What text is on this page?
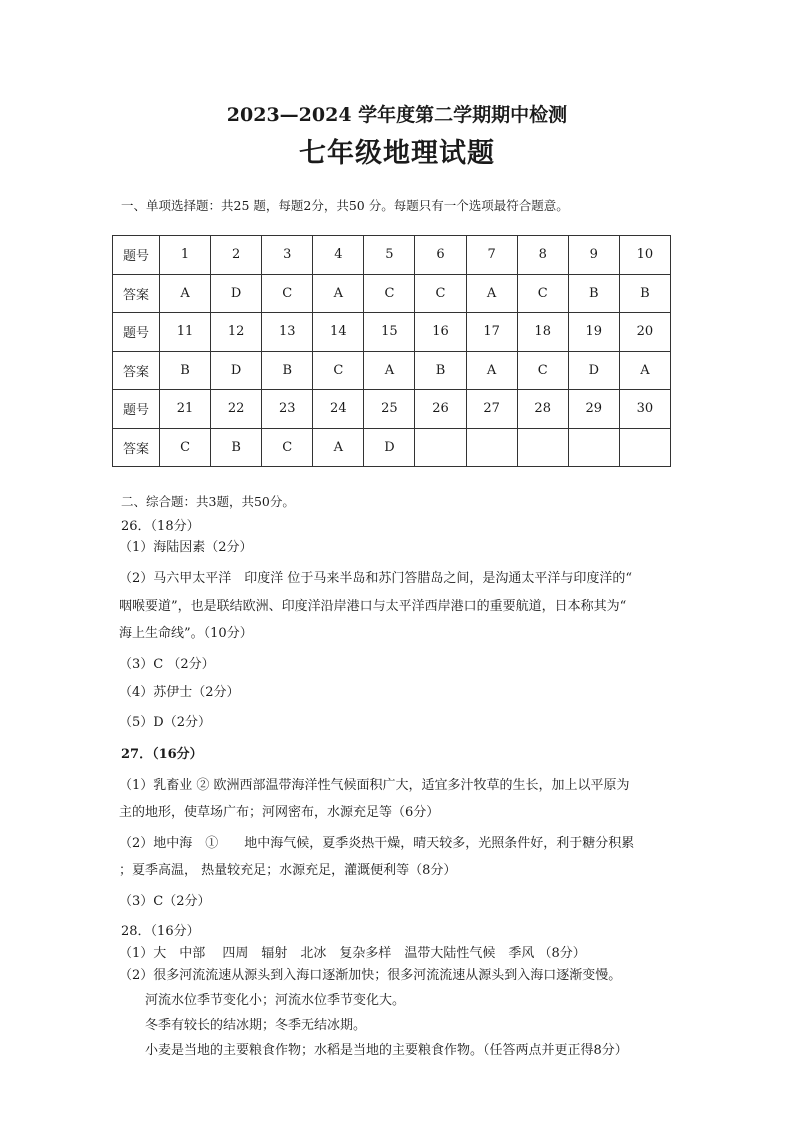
2023—2024 学年度第二学期期中检测
七年级地理试题
一、单项选择题：共25 题，每题2分，共50 分。每题只有一个选项最符合题意。
题号	1	2	3	4	5	6	7	8	9	10
答案	A	D	C	A	C	C	A	C	B	B
题号	11	12	13	14	15	16	17	18	19	20
答案	B	D	B	C	A	B	A	C	D	A
题号	21	22	23	24	25	26	27	28	29	30
答案	C	B	C	A	D					
二、综合题：共3题，共50分。
26．（18分）
（1）海陆因素（2分）
（2）马六甲太平洋　印度洋 位于马来半岛和苏门答腊岛之间，是沟通太平洋与印度洋的“
咽喉要道”，也是联结欧洲、印度洋沿岸港口与太平洋西岸港口的重要航道，日本称其为“
海上生命线”。（10分）
（3）C （2分）
（4）苏伊士（2分）
（5）D（2分）
27．（16分）
（1）乳畜业 ② 欧洲西部温带海洋性气候面积广大，适宜多汁牧草的生长，加上以平原为
主的地形，使草场广布；河网密布，水源充足等（6分）
（2）地中海　①　　地中海气候，夏季炎热干燥，晴天较多，光照条件好，利于糖分积累
；夏季高温， 热量较充足；水源充足，灌溉便利等（8分）
（3）C（2分）
28．（16分）
（1）大　中部　 四周　辐射　北冰　复杂多样　温带大陆性气候　季风 （8分）
（2）很多河流流速从源头到入海口逐渐加快；很多河流流速从源头到入海口逐渐变慢。
河流水位季节变化小；河流水位季节变化大。
冬季有较长的结冰期；冬季无结冰期。
小麦是当地的主要粮食作物；水稻是当地的主要粮食作物。（任答两点并更正得8分）
